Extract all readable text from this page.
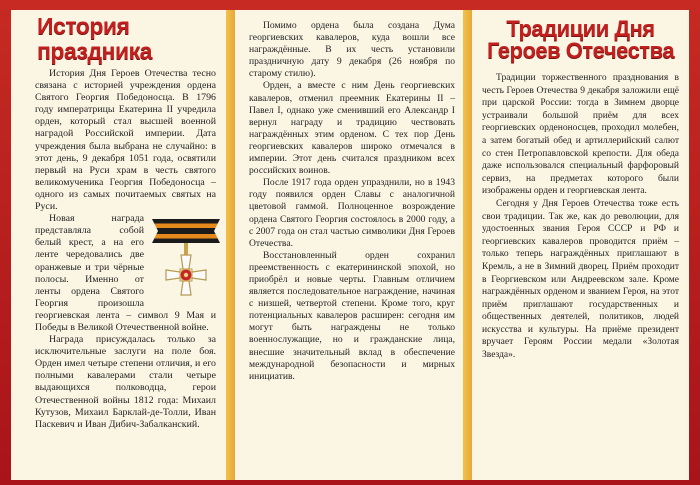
История праздника

История Дня Героев Отечества тесно связана с историей учреждения ордена Святого Георгия Победоносца. В 1796 году императрицы Екатерина II учредила орден, который стал высшей военной наградой Российской империи. Дата учреждения была выбрана не случайно: в этот день, 9 декабря 1051 года, освятили первый на Руси храм в честь святого великомученика Георгия Победоносца – одного из самых почитаемых святых на Руси.

Новая награда представляла собой белый крест, а на его ленте чередовались две оранжевые и три чёрные полосы. Именно от ленты ордена Святого Георгия произошла георгиевская лента – символ 9 Мая и Победы в Великой Отечественной войне.

Награда присуждалась только за исключительные заслуги на поле боя. Орден имел четыре степени отличия, и его полными кавалерами стали четыре выдающихся полководца, герои Отечественной войны 1812 года: Михаил Кутузов, Михаил Барклай-де-Толли, Иван Паскевич и Иван Дибич-Забалканский.

Помимо ордена была создана Дума георгиевских кавалеров, куда вошли все награждённые. В их честь установили праздничную дату 9 декабря (26 ноября по старому стилю).

Орден, а вместе с ним День георгиевских кавалеров, отменил преемник Екатерины II – Павел I, однако уже сменивший его Александр I вернул награду и традицию чествовать награждённых этим орденом. С тех пор День георгиевских кавалеров широко отмечался в империи. Этот день считался праздником всех российских воинов.

После 1917 года орден упразднили, но в 1943 году появился орден Славы с аналогичной цветовой гаммой. Полноценное возрождение ордена Святого Георгия состоялось в 2000 году, а с 2007 года он стал частью символики Дня Героев Отечества.

Восстановленный орден сохранил преемственность с екатерининской эпохой, но приобрёл и новые черты. Главным отличием является последовательное награждение, начиная с низшей, четвертой степени. Кроме того, круг потенциальных кавалеров расширен: сегодня им могут быть награждены не только военнослужащие, но и гражданские лица, внесшие значительный вклад в обеспечение международной безопасности и мирных инициатив.

Традиции Дня
Героев Отечества

Традиции торжественного празднования в честь Героев Отечества 9 декабря заложили ещё при царской России: тогда в Зимнем дворце устраивали большой приём для всех георгиевских орденоносцев, проходил молебен, а затем богатый обед и артиллерийский салют со стен Петропавловской крепости. Для обеда даже использовался специальный фарфоровый сервиз, на предметах которого были изображены орден и георгиевская лента.

Сегодня у Дня Героев Отечества тоже есть свои традиции. Так же, как до революции, для удостоенных звания Героя СССР и РФ и георгиевских кавалеров проводится приём – только теперь награждённых приглашают в Кремль, а не в Зимний дворец. Приём проходит в Георгиевском или Андреевском зале. Кроме награждённых орденом и званием Героя, на этот приём приглашают государственных и общественных деятелей, политиков, людей искусства и культуры. На приёме президент вручает Героям России медали «Золотая Звезда».
